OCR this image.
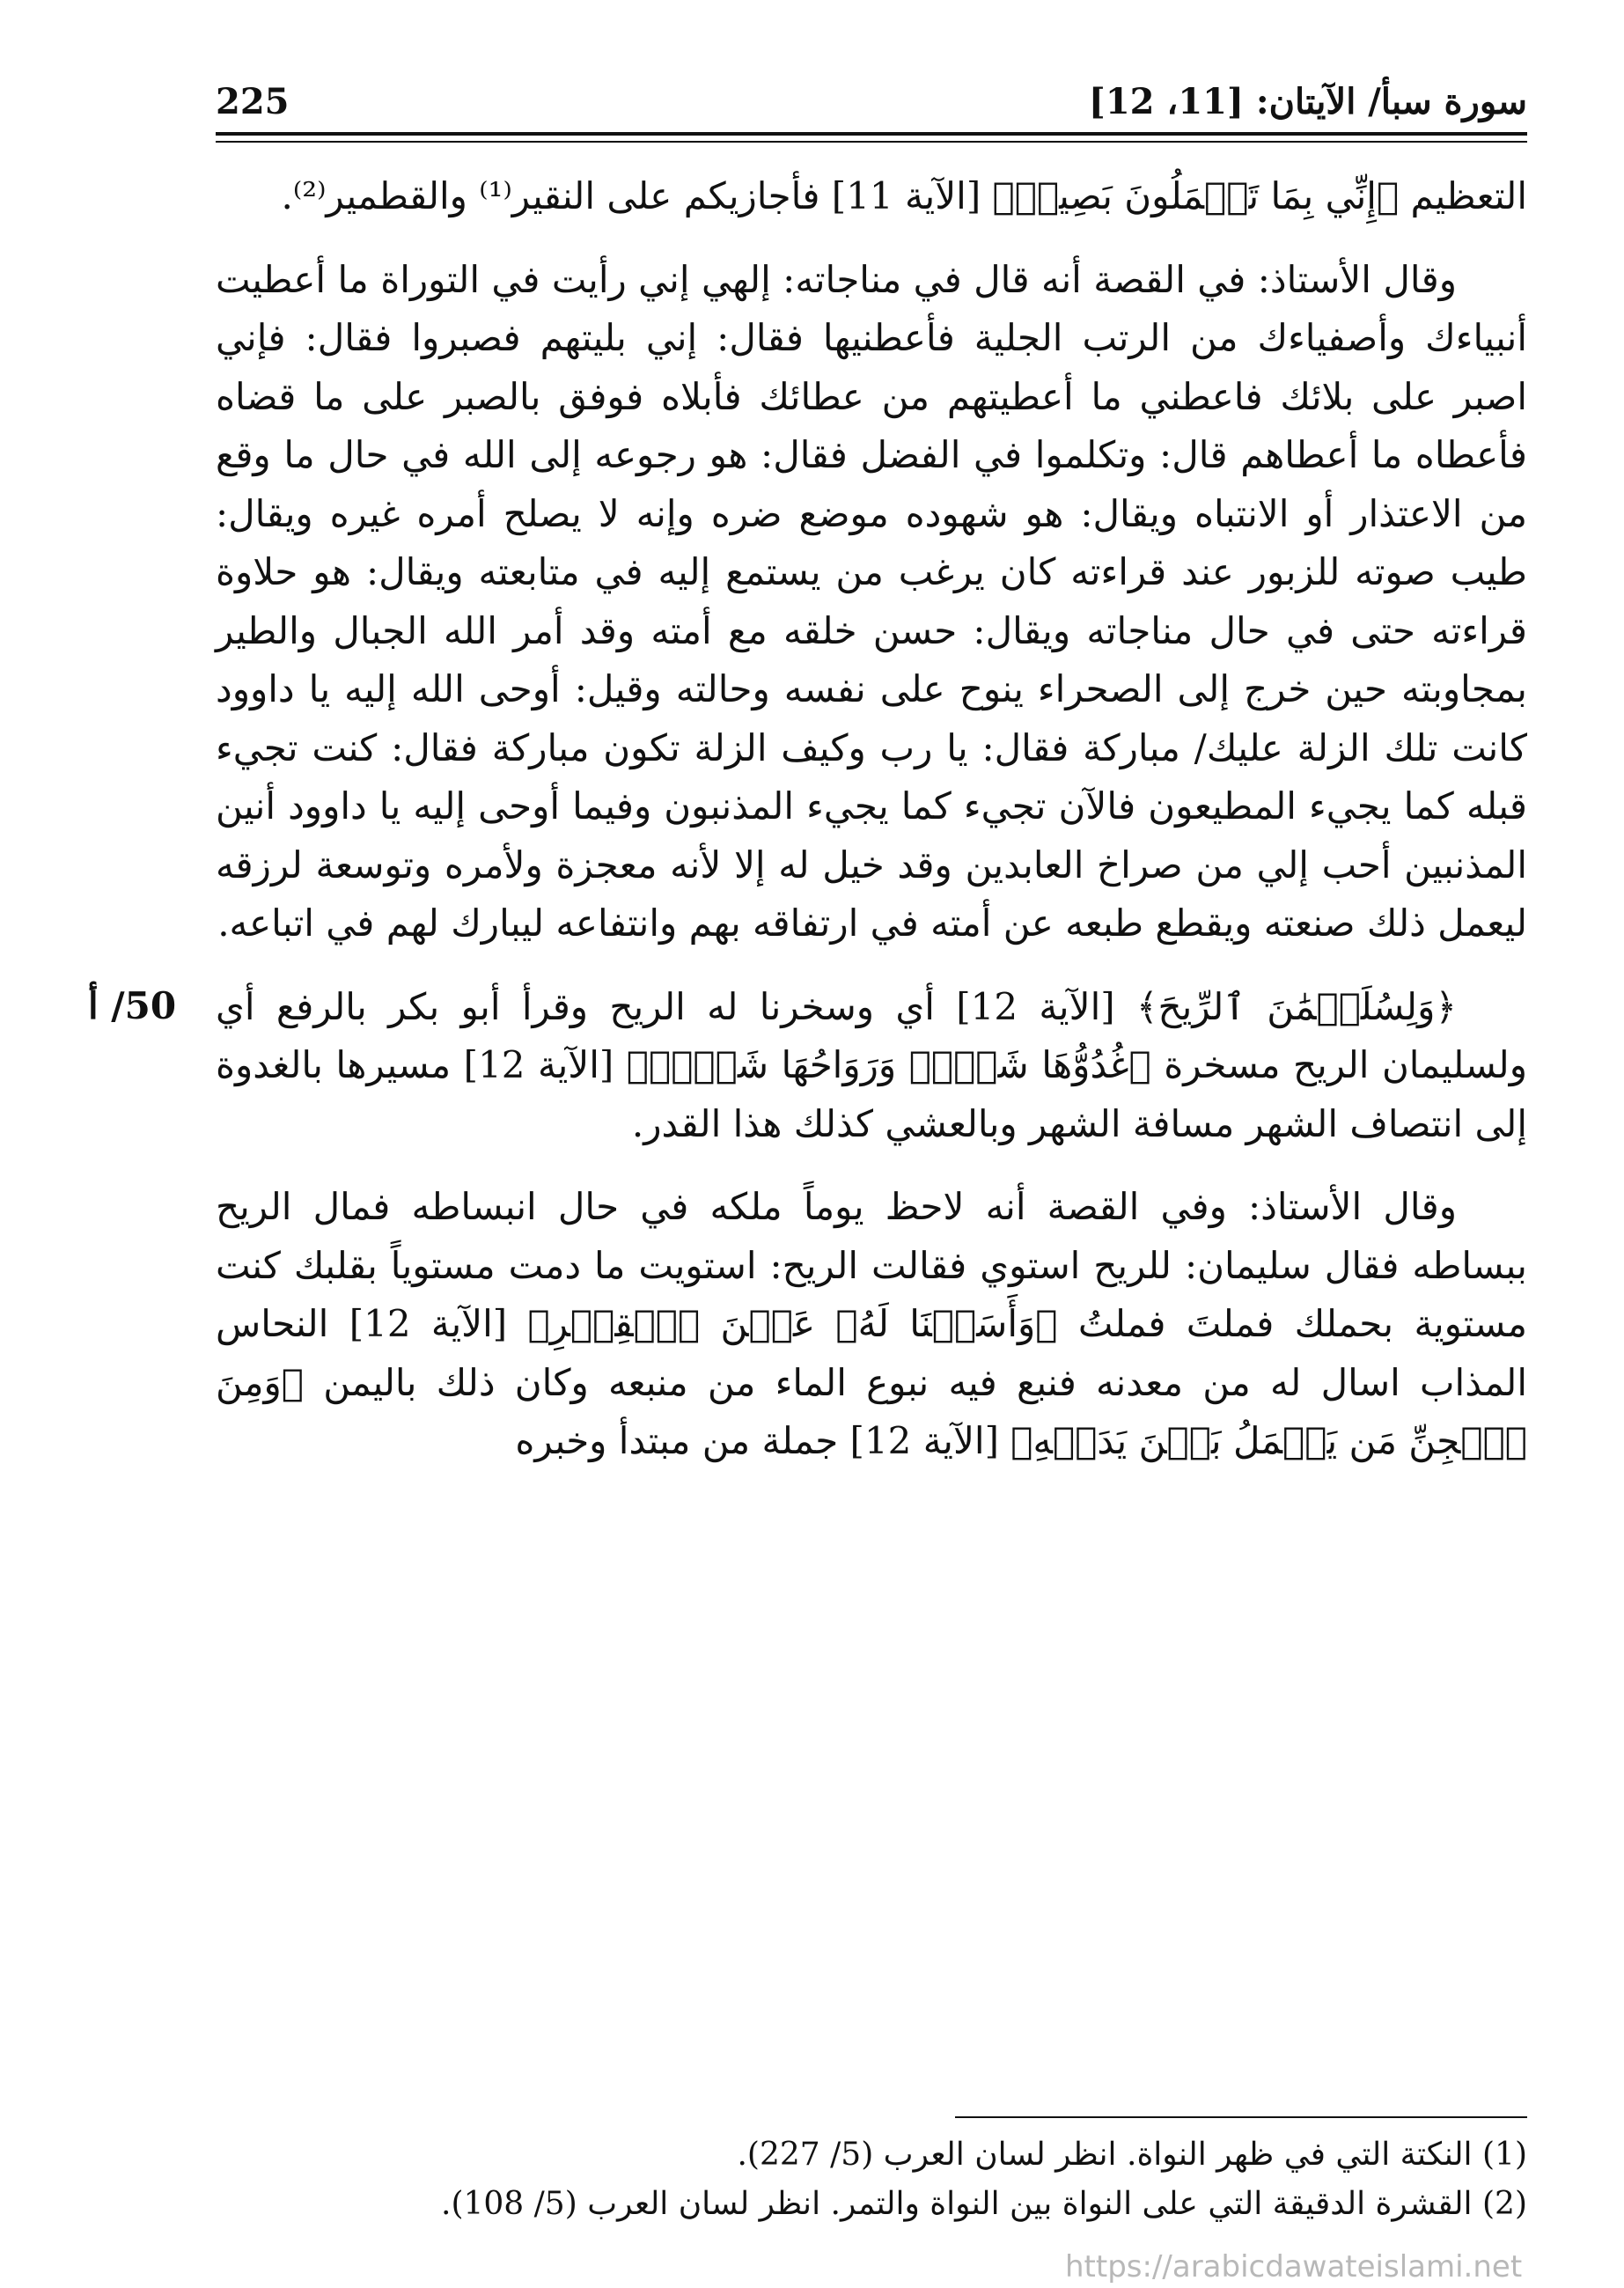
سورة سبأ/ الآيتان: [11، 12]
225

التعظيم ﴿إِنِّي بِمَا تَعۡمَلُونَ بَصِيرٞ﴾ [الآية 11] فأجازيكم على النقير⁽¹⁾ والقطمير⁽²⁾.

وقال الأستاذ: في القصة أنه قال في مناجاته: إلهي إني رأيت في التوراة ما أعطيت أنبياءك وأصفياءك من الرتب الجلية فأعطنيها فقال: إني بليتهم فصبروا فقال: فإني اصبر على بلائك فاعطني ما أعطيتهم من عطائك فأبلاه فوفق بالصبر على ما قضاه فأعطاه ما أعطاهم قال: وتكلموا في الفضل فقال: هو رجوعه إلى الله في حال ما وقع من الاعتذار أو الانتباه ويقال: هو شهوده موضع ضره وإنه لا يصلح أمره غيره ويقال: طيب صوته للزبور عند قراءته كان يرغب من يستمع إليه في متابعته ويقال: هو حلاوة قراءته حتى في حال مناجاته ويقال: حسن خلقه مع أمته وقد أمر الله الجبال والطير بمجاوبته حين خرج إلى الصحراء ينوح على نفسه وحالته وقيل: أوحى الله إليه يا داوود كانت تلك الزلة عليك/ مباركة فقال: يا رب وكيف الزلة تكون مباركة فقال: كنت تجيء قبله كما يجيء المطيعون فالآن تجيء كما يجيء المذنبون وفيما أوحى إليه يا داوود أنين المذنبين أحب إلي من صراخ العابدين وقد خيل له إلا لأنه معجزة ولأمره وتوسعة لرزقه ليعمل ذلك صنعته ويقطع طبعه عن أمته في ارتفاقه بهم وانتفاعه ليبارك لهم في اتباعه.

﴿وَلِسُلَيۡمَٰنَ ٱلرِّيحَ﴾ [الآية 12] أي وسخرنا له الريح وقرأ أبو بكر بالرفع أي ولسليمان الريح مسخرة ﴿غُدُوُّهَا شَهۡرٞ وَرَوَاحُهَا شَهۡرٞ﴾ [الآية 12] مسيرها بالغدوة إلى انتصاف الشهر مسافة الشهر وبالعشي كذلك هذا القدر.

وقال الأستاذ: وفي القصة أنه لاحظ يوماً ملكه في حال انبساطه فمال الريح ببساطه فقال سليمان: للريح استوي فقالت الريح: استويت ما دمت مستوياً بقلبك كنت مستوية بحملك فملتَ فملتُ ﴿وَأَسَلۡنَا لَهُۥ عَيۡنَ ٱلۡقِطۡرِ﴾ [الآية 12] النحاس المذاب اسال له من معدنه فنبع فيه نبوع الماء من منبعه وكان ذلك باليمن ﴿وَمِنَ ٱلۡجِنِّ مَن يَعۡمَلُ بَيۡنَ يَدَيۡهِ﴾ [الآية 12] جملة من مبتدأ وخبره

50/ أ

(1) النكتة التي في ظهر النواة. انظر لسان العرب (5/ 227).

(2) القشرة الدقيقة التي على النواة بين النواة والتمر. انظر لسان العرب (5/ 108).

https://arabicdawateislami.net
